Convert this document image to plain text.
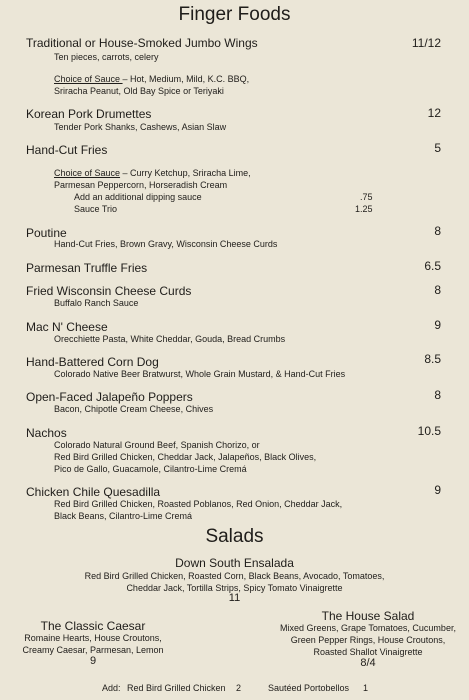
Finger Foods
Traditional or House-Smoked Jumbo Wings	11/12
Ten pieces, carrots, celery
Choice of Sauce – Hot, Medium, Mild, K.C. BBQ,
Sriracha Peanut, Old Bay Spice or Teriyaki
Korean Pork Drumettes	12
Tender Pork Shanks, Cashews, Asian Slaw
Hand-Cut Fries	5
Choice of Sauce – Curry Ketchup, Sriracha Lime,
Parmesan Peppercorn, Horseradish Cream
Add an additional dipping sauce	.75
Sauce Trio	1.25
Poutine	8
Hand-Cut Fries, Brown Gravy, Wisconsin Cheese Curds
Parmesan Truffle Fries	6.5
Fried Wisconsin Cheese Curds	8
Buffalo Ranch Sauce
Mac N' Cheese	9
Orecchiette Pasta, White Cheddar, Gouda, Bread Crumbs
Hand-Battered Corn Dog	8.5
Colorado Native Beer Bratwurst, Whole Grain Mustard, & Hand-Cut Fries
Open-Faced Jalapeño Poppers	8
Bacon, Chipotle Cream Cheese, Chives
Nachos	10.5
Colorado Natural Ground Beef, Spanish Chorizo, or
Red Bird Grilled Chicken, Cheddar Jack, Jalapeños, Black Olives,
Pico de Gallo, Guacamole, Cilantro-Lime Cremá
Chicken Chile Quesadilla	9
Red Bird Grilled Chicken, Roasted Poblanos, Red Onion, Cheddar Jack,
Black Beans, Cilantro-Lime Cremá
Salads
Down South Ensalada
Red Bird Grilled Chicken, Roasted Corn, Black Beans, Avocado, Tomatoes,
Cheddar Jack, Tortilla Strips, Spicy Tomato Vinaigrette
11
The Classic Caesar
Romaine Hearts, House Croutons,
Creamy Caesar, Parmesan, Lemon
9
The House Salad
Mixed Greens, Grape Tomatoes, Cucumber,
Green Pepper Rings, House Croutons,
Roasted Shallot Vinaigrette
8/4
Add: Red Bird Grilled Chicken 2	Sautéed Portobellos 1
